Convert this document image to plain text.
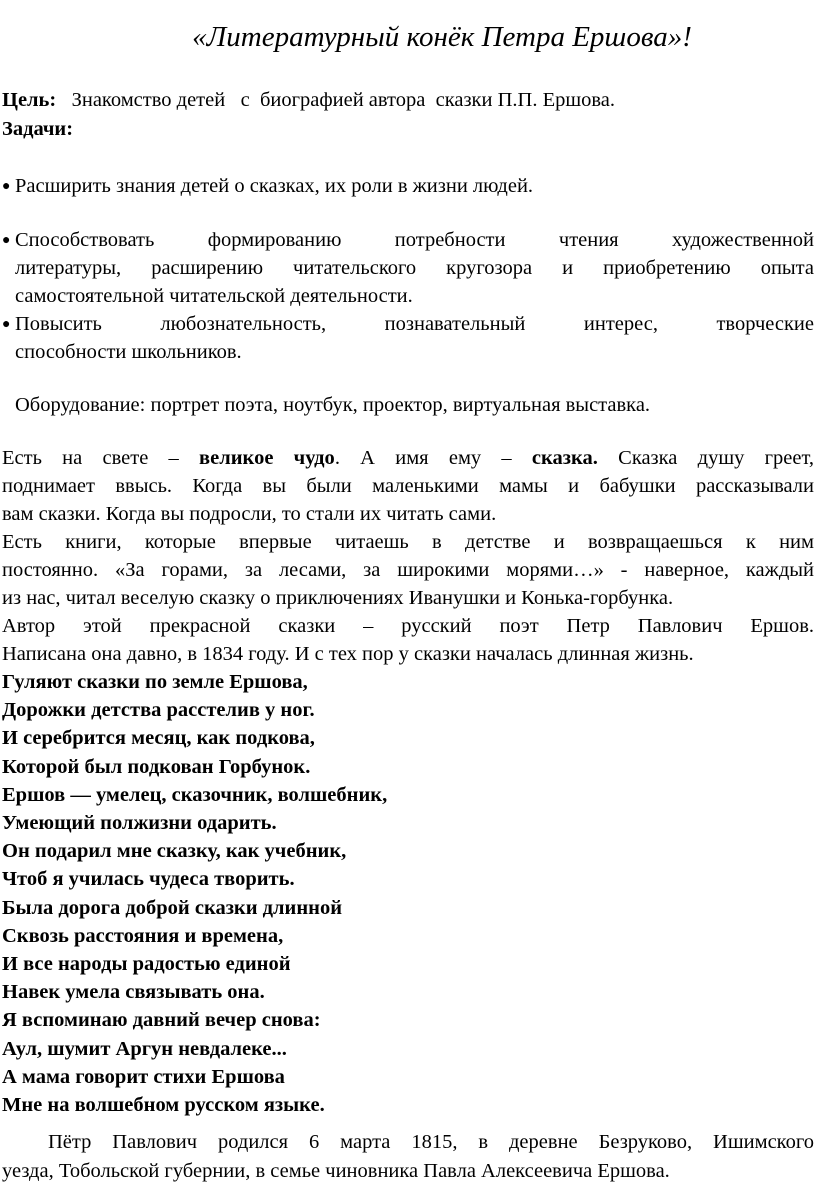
«Литературный конёк Петра Ершова»!
Цель: Знакомство детей   с  биографией автора  сказки П.П. Ершова.
Задачи:
● Расширить знания детей о сказках, их роли в жизни людей.
● Способствовать формированию потребности чтения художественной
литературы, расширению читательского кругозора и приобретению опыта
самостоятельной читательской деятельности.
● Повысить любознательность, познавательный интерес, творческие
способности школьников.
Оборудование: портрет поэта, ноутбук, проектор, виртуальная выставка.
Есть на свете – великое чудо. А имя ему – сказка. Сказка душу греет,
поднимает ввысь. Когда вы были маленькими мамы и бабушки рассказывали
вам сказки. Когда вы подросли, то стали их читать сами.
Есть книги, которые впервые читаешь в детстве и возвращаешься к ним
постоянно. «За горами, за лесами, за широкими морями…» - наверное, каждый
из нас, читал веселую сказку о приключениях Иванушки и Конька-горбунка.
Автор этой прекрасной сказки – русский поэт Петр Павлович Ершов.
Написана она давно, в 1834 году. И с тех пор у сказки началась длинная жизнь.
Гуляют сказки по земле Ершова,
Дорожки детства расстелив у ног.
И серебрится месяц, как подкова,
Которой был подкован Горбунок.
Ершов — умелец, сказочник, волшебник,
Умеющий полжизни одарить.
Он подарил мне сказку, как учебник,
Чтоб я училась чудеса творить.
Была дорога доброй сказки длинной
Сквозь расстояния и времена,
И все народы радостью единой
Навек умела связывать она.
Я вспоминаю давний вечер снова:
Аул, шумит Аргун невдалеке...
А мама говорит стихи Ершова
Мне на волшебном русском языке.
Пётр Павлович родился 6 марта 1815, в деревне Безруково, Ишимского
уезда, Тобольской губернии, в семье чиновника Павла Алексеевича Ершова.
